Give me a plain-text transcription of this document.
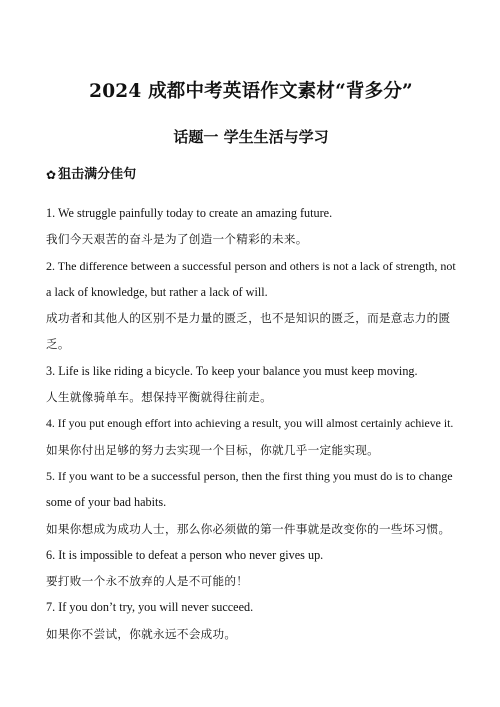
2024 成都中考英语作文素材“背多分”
话题一 学生生活与学习
✿ 狙击满分佳句

1. We struggle painfully today to create an amazing future.

我们今天艰苦的奋斗是为了创造一个精彩的未来。

2. The difference between a successful person and others is not a lack of strength, not

a lack of knowledge, but rather a lack of will.

成功者和其他人的区别不是力量的匮乏，也不是知识的匮乏，而是意志力的匮

乏。

3. Life is like riding a bicycle. To keep your balance you must keep moving.

人生就像骑单车。想保持平衡就得往前走。

4. If you put enough effort into achieving a result, you will almost certainly achieve it.

如果你付出足够的努力去实现一个目标，你就几乎一定能实现。

5. If you want to be a successful person, then the first thing you must do is to change

some of your bad habits.

如果你想成为成功人士，那么你必须做的第一件事就是改变你的一些坏习惯。

6. It is impossible to defeat a person who never gives up.

要打败一个永不放弃的人是不可能的！

7. If you don’t try, you will never succeed.

如果你不尝试，你就永远不会成功。
